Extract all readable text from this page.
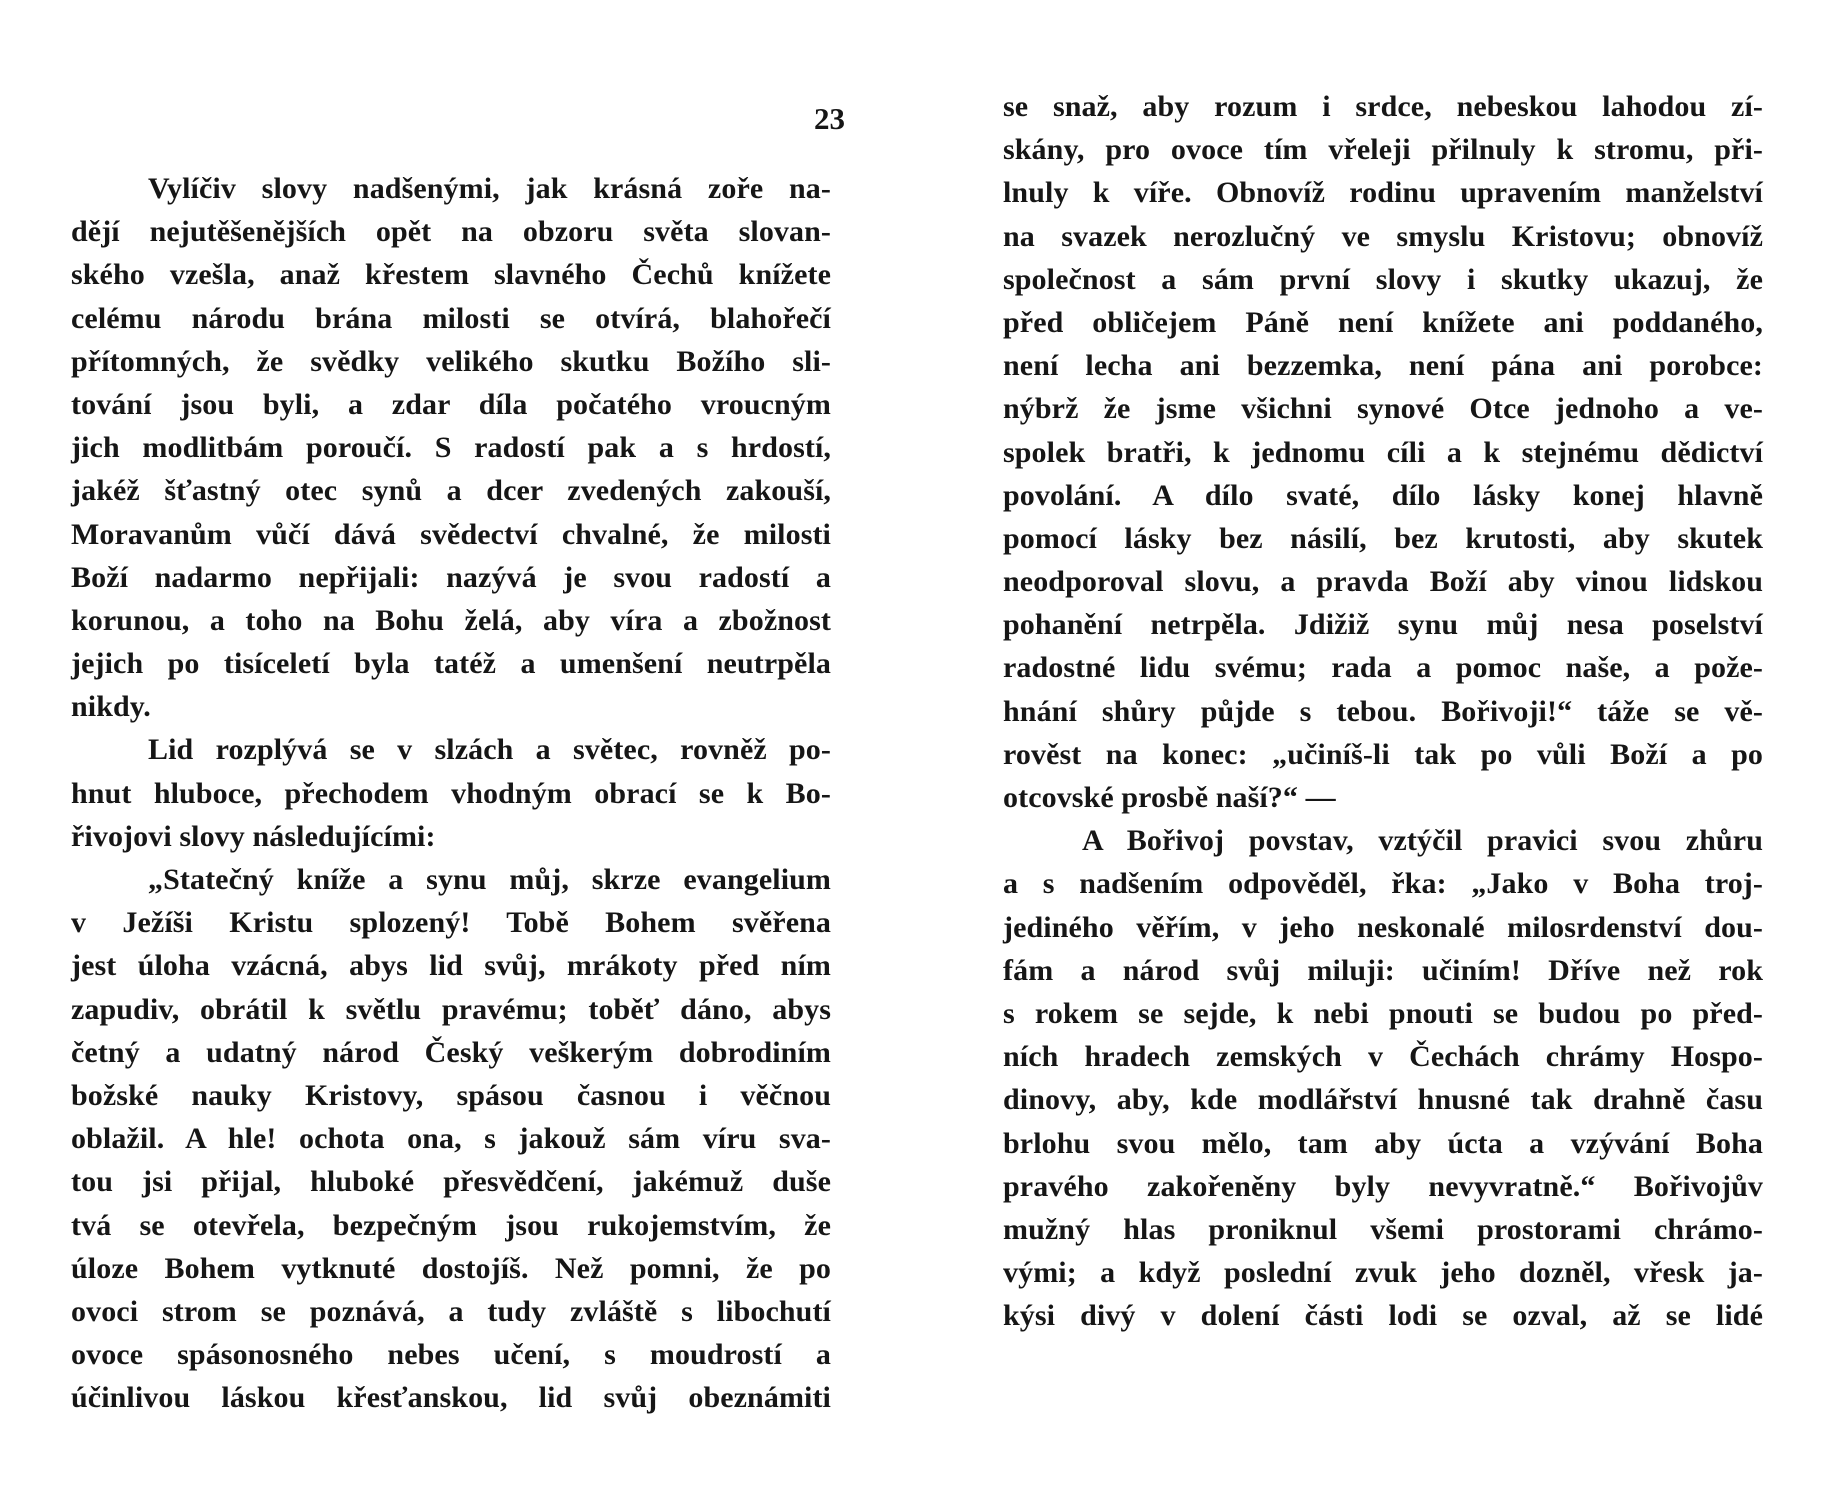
23
Vylíčiv slovy nadšenými, jak krásná zoře na-
dějí nejutěšenějších opět na obzoru světa slovan-
ského vzešla, anaž křestem slavného Čechů knížete
celému národu brána milosti se otvírá, blahořečí
přítomných, že svědky velikého skutku Božího sli-
tování jsou byli, a zdar díla počatého vroucným
jich modlitbám poroučí. S radostí pak a s hrdostí,
jakéž šťastný otec synů a dcer zvedených zakouší,
Moravanům vůčí dává svědectví chvalné, že milosti
Boží nadarmo nepřijali: nazývá je svou radostí a
korunou, a toho na Bohu želá, aby víra a zbožnost
jejich po tisíceletí byla tatéž a umenšení neutrpěla
nikdy.
Lid rozplývá se v slzách a světec, rovněž po-
hnut hluboce, přechodem vhodným obrací se k Bo-
řivojovi slovy následujícími:
„Statečný kníže a synu můj, skrze evangelium
v Ježíši Kristu splozený! Tobě Bohem svěřena
jest úloha vzácná, abys lid svůj, mrákoty před ním
zapudiv, obrátil k světlu pravému; toběť dáno, abys
četný a udatný národ Český veškerým dobrodiním
božské nauky Kristovy, spásou časnou i věčnou
oblažil. A hle! ochota ona, s jakouž sám víru sva-
tou jsi přijal, hluboké přesvědčení, jakémuž duše
tvá se otevřela, bezpečným jsou rukojemstvím, že
úloze Bohem vytknuté dostojíš. Než pomni, že po
ovoci strom se poznává, a tudy zvláště s libochutí
ovoce spásonosného nebes učení, s moudrostí a
účinlivou láskou křesťanskou, lid svůj obeznámiti
se snaž, aby rozum i srdce, nebeskou lahodou zí-
skány, pro ovoce tím vřeleji přilnuly k stromu, při-
lnuly k víře. Obnovíž rodinu upravením manželství
na svazek nerozlučný ve smyslu Kristovu; obnovíž
společnost a sám první slovy i skutky ukazuj, že
před obličejem Páně není knížete ani poddaného,
není lecha ani bezzemka, není pána ani porobce:
nýbrž že jsme všichni synové Otce jednoho a ve-
spolek bratři, k jednomu cíli a k stejnému dědictví
povolání. A dílo svaté, dílo lásky konej hlavně
pomocí lásky bez násilí, bez krutosti, aby skutek
neodporoval slovu, a pravda Boží aby vinou lidskou
pohanění netrpěla. Jdižiž synu můj nesa poselství
radostné lidu svému; rada a pomoc naše, a požе-
hnání shůry půjde s tebou. Bořivoji!“ táže se vě-
rověst na konec: „učiníš-li tak po vůli Boží a po
otcovské prosbě naší?“ —
A Bořivoj povstav, vztýčil pravici svou zhůru
a s nadšením odpověděl, řka: „Jako v Boha troj-
jediného věřím, v jeho neskonalé milosrdenství dou-
fám a národ svůj miluji: učiním! Dříve než rok
s rokem se sejde, k nebi pnouti se budou po před-
ních hradech zemských v Čechách chrámy Hospo-
dinovy, aby, kde modlářství hnusné tak drahně času
brlohu svou mělo, tam aby úcta a vzývání Boha
pravého zakořeněny byly nevyvratně.“ Bořivojův
mužný hlas proniknul všemi prostorami chrámo-
vými; a když poslední zvuk jeho dozněl, vřesk ja-
kýsi divý v dolení části lodi se ozval, až se lidé
